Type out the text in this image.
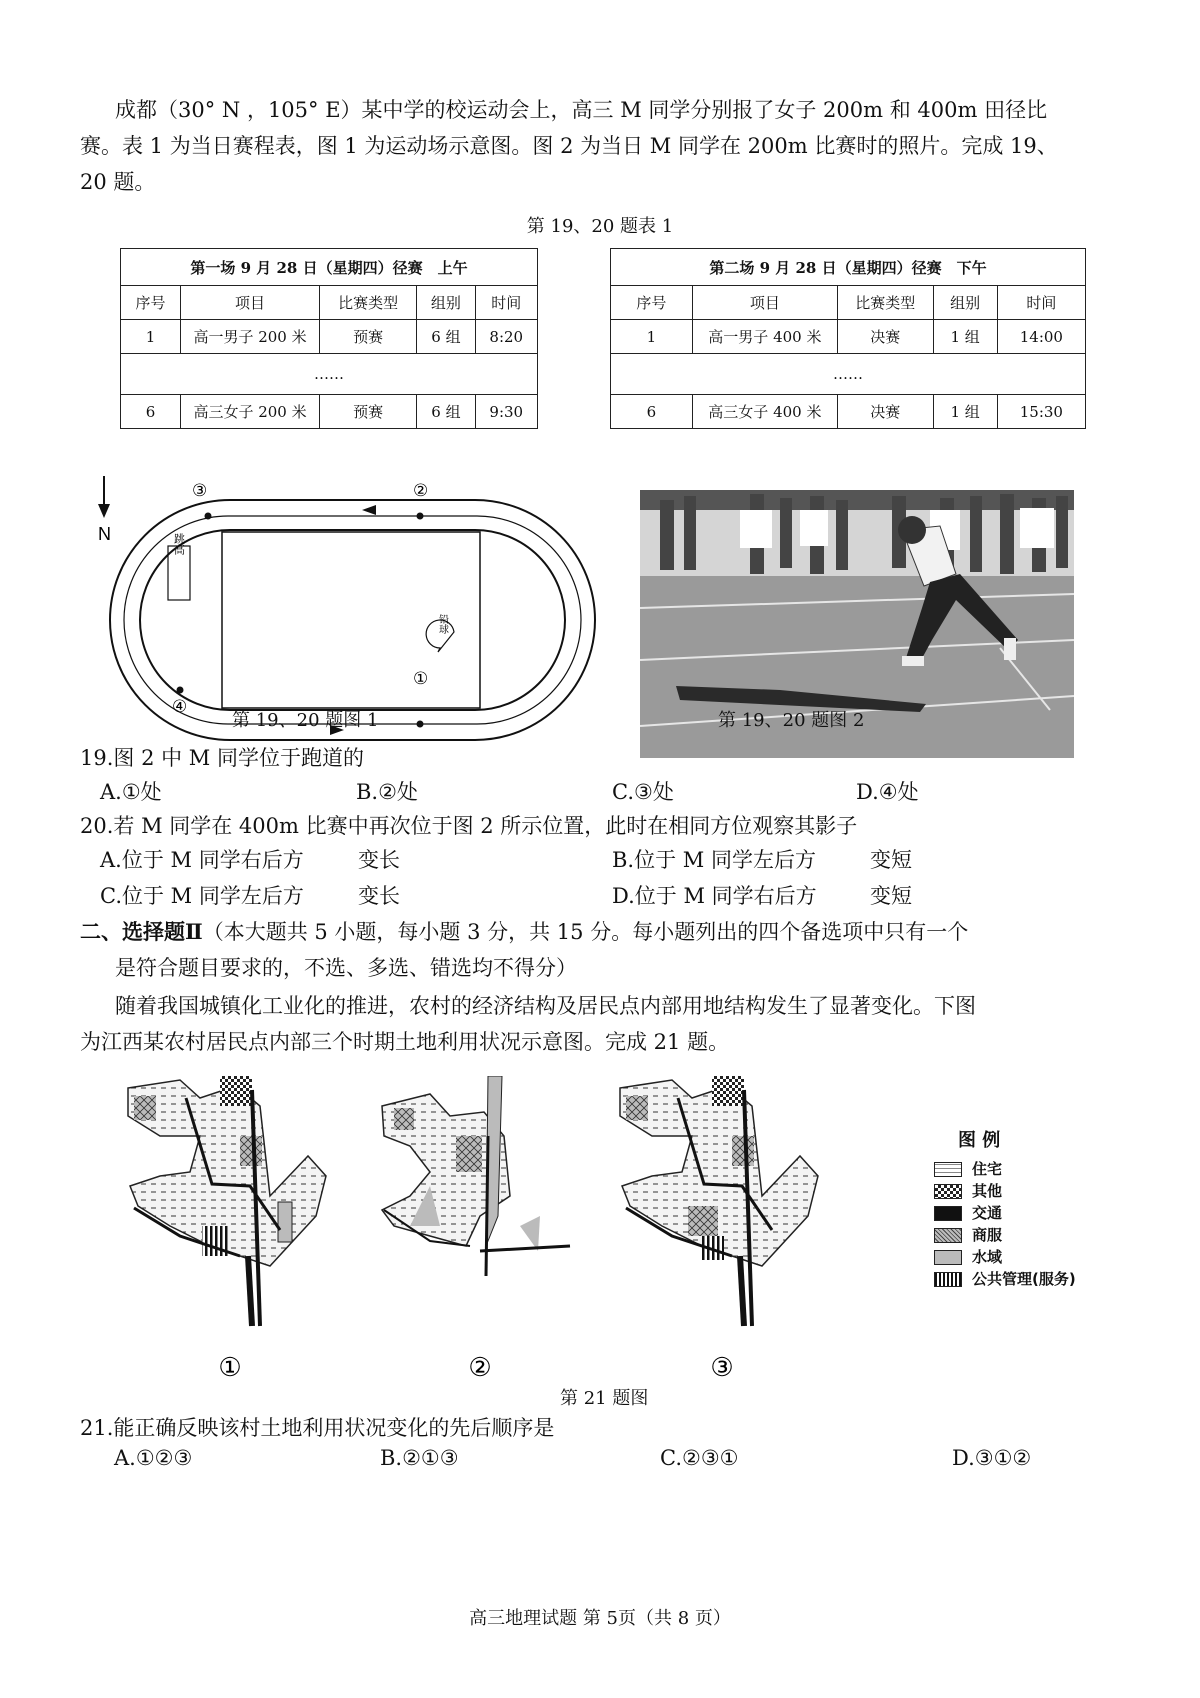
成都（30° N ，105° E）某中学的校运动会上，高三 M 同学分别报了女子 200m 和 400m 田径比
赛。表 1 为当日赛程表，图 1 为运动场示意图。图 2 为当日 M 同学在 200m 比赛时的照片。完成 19、
20 题。
第 19、20 题表 1
第一场 9 月 28 日（星期四）径赛　上午				
序号	项目	比赛类型	组别	时间
1	高一男子 200 米	预赛	6 组	8:20
……				
6	高三女子 200 米	预赛	6 组	9:30
第二场 9 月 28 日（星期四）径赛　下午				
序号	项目	比赛类型	组别	时间
1	高一男子 400 米	决赛	1 组	14:00
……				
6	高三女子 400 米	决赛	1 组	15:30
N
①
②
③
④
跳高
铅球
第 19、20 题图 1	第 19、20 题图 2
19.图 2 中 M 同学位于跑道的
A.①处	B.②处	C.③处	D.④处
20.若 M 同学在 400m 比赛中再次位于图 2 所示位置，此时在相同方位观察其影子
A.位于 M 同学右后方	变长	B.位于 M 同学左后方	变短
C.位于 M 同学左后方	变长	D.位于 M 同学右后方	变短
二、选择题Ⅱ（本大题共 5 小题，每小题 3 分，共 15 分。每小题列出的四个备选项中只有一个
是符合题目要求的，不选、多选、错选均不得分）
随着我国城镇化工业化的推进，农村的经济结构及居民点内部用地结构发生了显著变化。下图
为江西某农村居民点内部三个时期土地利用状况示意图。完成 21 题。
①	②	③
图 例
住宅
其他
交通
商服
水域
公共管理(服务)
第 21 题图
21.能正确反映该村土地利用状况变化的先后顺序是
A.①②③	B.②①③	C.②③①	D.③①②
高三地理试题 第 5页（共 8 页）
